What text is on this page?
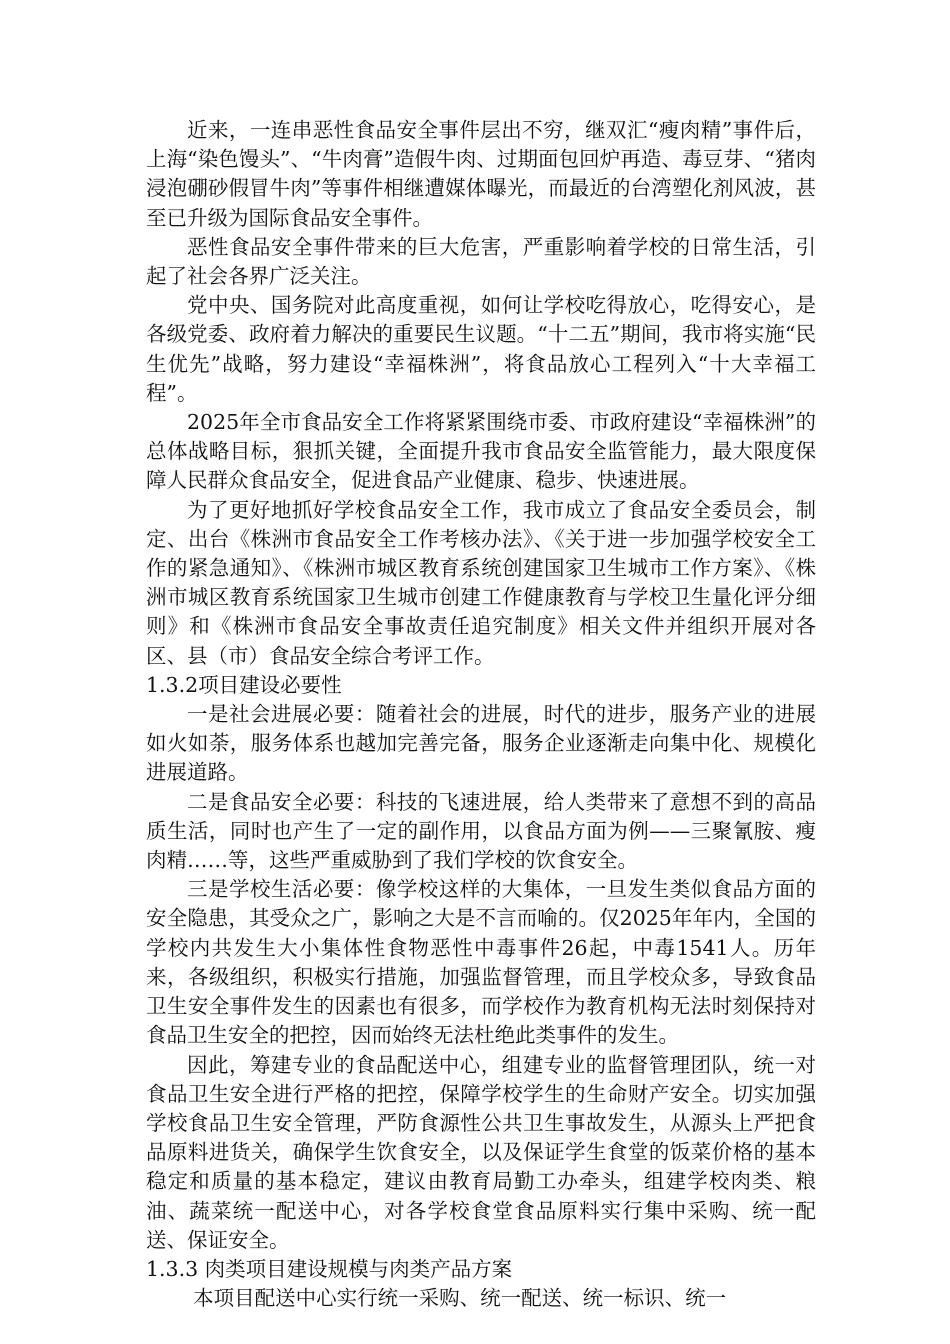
近来，一连串恶性食品安全事件层出不穷，继双汇“瘦肉精”事件后，上海“染色馒头”、“牛肉膏”造假牛肉、过期面包回炉再造、毒豆芽、“猪肉浸泡硼砂假冒牛肉”等事件相继遭媒体曝光，而最近的台湾塑化剂风波，甚至已升级为国际食品安全事件。

恶性食品安全事件带来的巨大危害，严重影响着学校的日常生活，引起了社会各界广泛关注。

党中央、国务院对此高度重视，如何让学校吃得放心，吃得安心，是各级党委、政府着力解决的重要民生议题。“十二五”期间，我市将实施“民生优先”战略，努力建设“幸福株洲”，将食品放心工程列入“十大幸福工程”。

2025年全市食品安全工作将紧紧围绕市委、市政府建设“幸福株洲”的总体战略目标，狠抓关键，全面提升我市食品安全监管能力，最大限度保障人民群众食品安全，促进食品产业健康、稳步、快速进展。

为了更好地抓好学校食品安全工作，我市成立了食品安全委员会，制定、出台《株洲市食品安全工作考核办法》、《关于进一步加强学校安全工作的紧急通知》、《株洲市城区教育系统创建国家卫生城市工作方案》、《株洲市城区教育系统国家卫生城市创建工作健康教育与学校卫生量化评分细则》和《株洲市食品安全事故责任追究制度》相关文件并组织开展对各区、县（市）食品安全综合考评工作。

1.3.2项目建设必要性

一是社会进展必要：随着社会的进展，时代的进步，服务产业的进展如火如荼，服务体系也越加完善完备，服务企业逐渐走向集中化、规模化进展道路。

二是食品安全必要：科技的飞速进展，给人类带来了意想不到的高品质生活，同时也产生了一定的副作用，以食品方面为例——三聚氰胺、瘦肉精……等，这些严重威胁到了我们学校的饮食安全。

三是学校生活必要：像学校这样的大集体，一旦发生类似食品方面的安全隐患，其受众之广，影响之大是不言而喻的。仅2025年年内，全国的学校内共发生大小集体性食物恶性中毒事件26起，中毒1541人。历年来，各级组织，积极实行措施，加强监督管理，而且学校众多，导致食品卫生安全事件发生的因素也有很多，而学校作为教育机构无法时刻保持对食品卫生安全的把控，因而始终无法杜绝此类事件的发生。

因此，筹建专业的食品配送中心，组建专业的监督管理团队，统一对食品卫生安全进行严格的把控，保障学校学生的生命财产安全。切实加强学校食品卫生安全管理，严防食源性公共卫生事故发生，从源头上严把食品原料进货关，确保学生饮食安全，以及保证学生食堂的饭菜价格的基本稳定和质量的基本稳定，建议由教育局勤工办牵头，组建学校肉类、粮油、蔬菜统一配送中心，对各学校食堂食品原料实行集中采购、统一配送、保证安全。

1.3.3 肉类项目建设规模与肉类产品方案

本项目配送中心实行统一采购、统一配送、统一标识、统一
